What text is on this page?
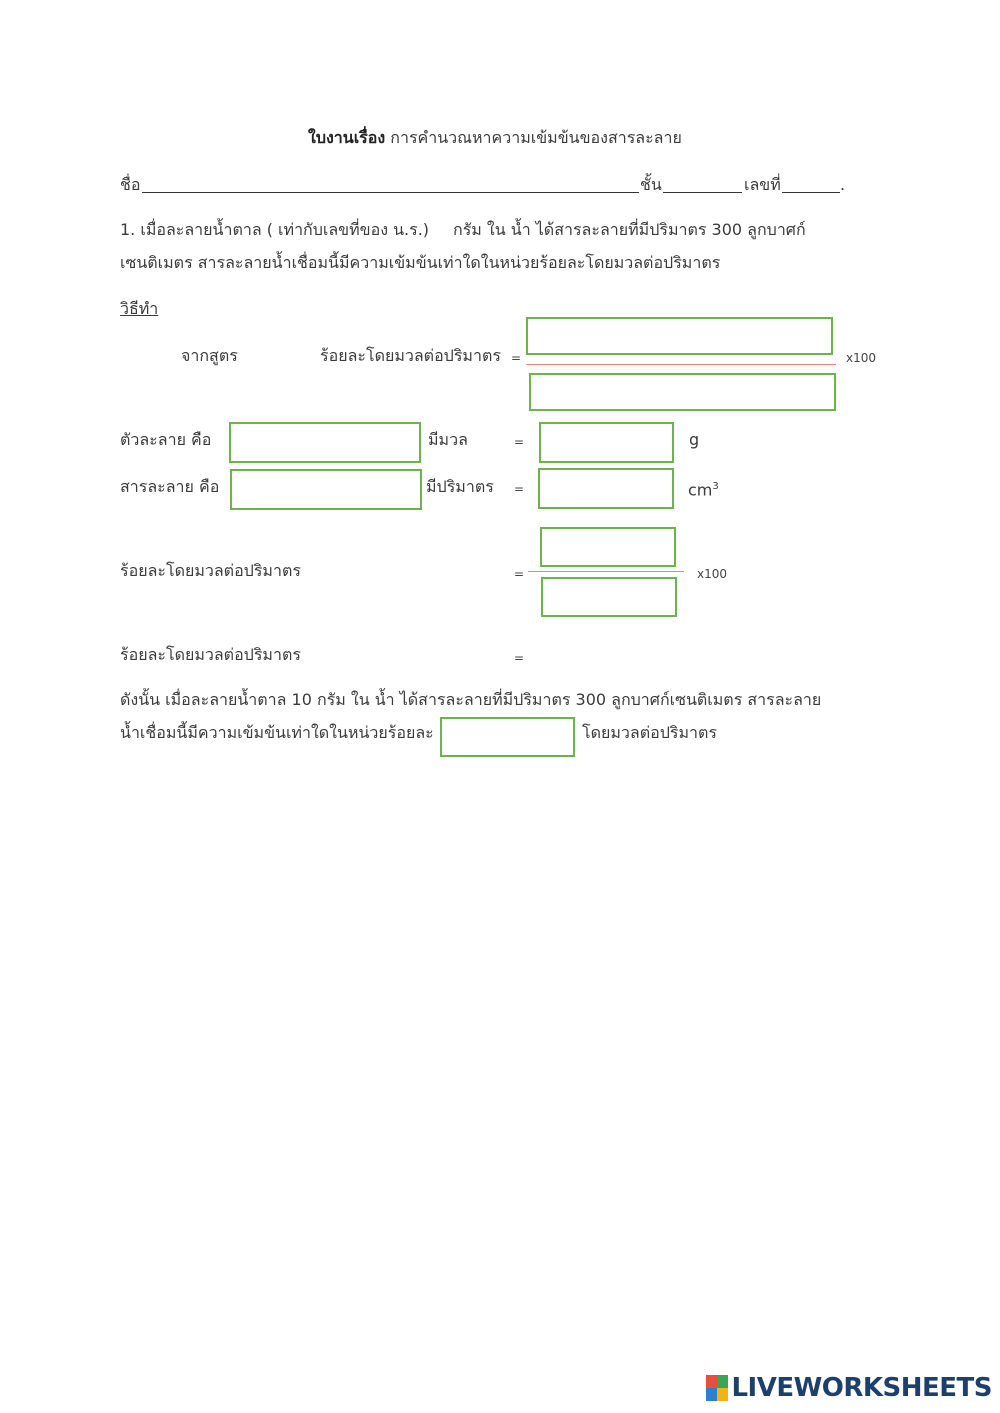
ใบงานเรื่อง การคำนวณหาความเข้มข้นของสารละลาย
ชื่อ	ชั้น	เลขที่	.
1. เมื่อละลายน้ำตาล ( เท่ากับเลขที่ของ น.ร.) กรัม ใน น้ำ ได้สารละลายที่มีปริมาตร 300 ลูกบาศก์
เซนติเมตร สารละลายน้ำเชื่อมนี้มีความเข้มข้นเท่าใดในหน่วยร้อยละโดยมวลต่อปริมาตร
วิธีทำ
จากสูตร	ร้อยละโดยมวลต่อปริมาตร =	x100
ตัวละลาย คือ	มีมวล	=	g
สารละลาย คือ	มีปริมาตร =	$cm^3$
ร้อยละโดยมวลต่อปริมาตร	=	x100
ร้อยละโดยมวลต่อปริมาตร	=
ดังนั้น เมื่อละลายน้ำตาล 10 กรัม ใน น้ำ ได้สารละลายที่มีปริมาตร 300 ลูกบาศก์เซนติเมตร สารละลาย
น้ำเชื่อมนี้มีความเข้มข้นเท่าใดในหน่วยร้อยละ	โดยมวลต่อปริมาตร
LIVEWORKSHEETS
